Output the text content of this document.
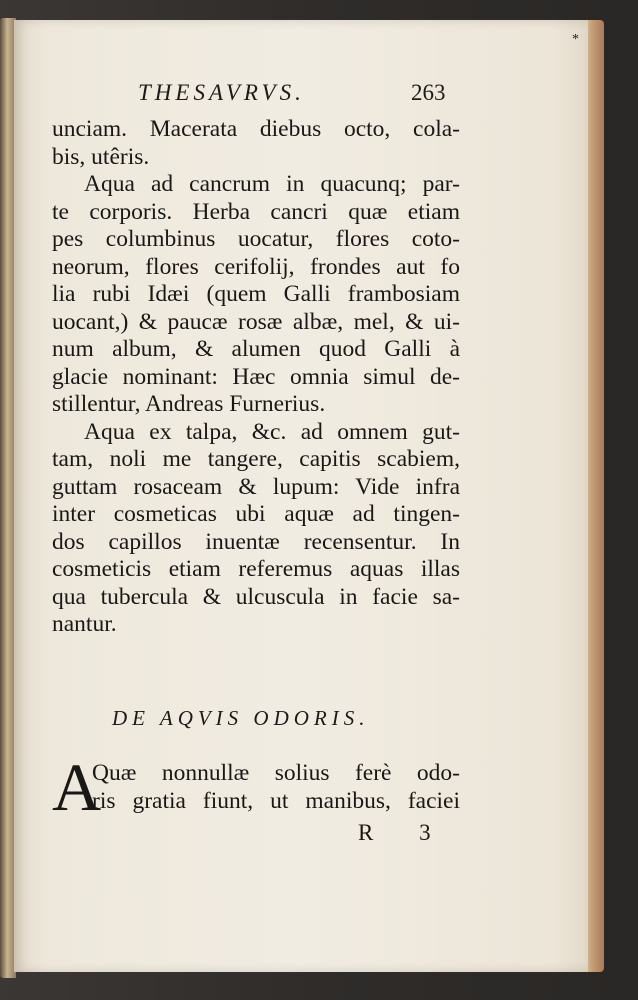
*
THESAVRVS.	263
unciam. Macerata diebus octo, cola-
bis, utêris.
Aqua ad cancrum in quacunq; par-
te corporis. Herba cancri quæ etiam
pes columbinus uocatur, flores coto-
neorum, flores cerifolij, frondes aut fo
lia rubi Idæi (quem Galli frambosiam
uocant,) & paucæ rosæ albæ, mel, & ui-
num album, & alumen quod Galli à
glacie nominant: Hæc omnia simul de-
stillentur, Andreas Furnerius.
Aqua ex talpa, &c. ad omnem gut-
tam, noli me tangere, capitis scabiem,
guttam rosaceam & lupum: Vide infra
inter cosmeticas ubi aquæ ad tingen-
dos capillos inuentæ recensentur. In
cosmeticis etiam referemus aquas illas
qua tubercula & ulcuscula in facie sa-
nantur.
DE AQVIS ODORIS.
A
Quæ nonnullæ solius ferè odo-
ris gratia fiunt, ut manibus, faciei
R 3
